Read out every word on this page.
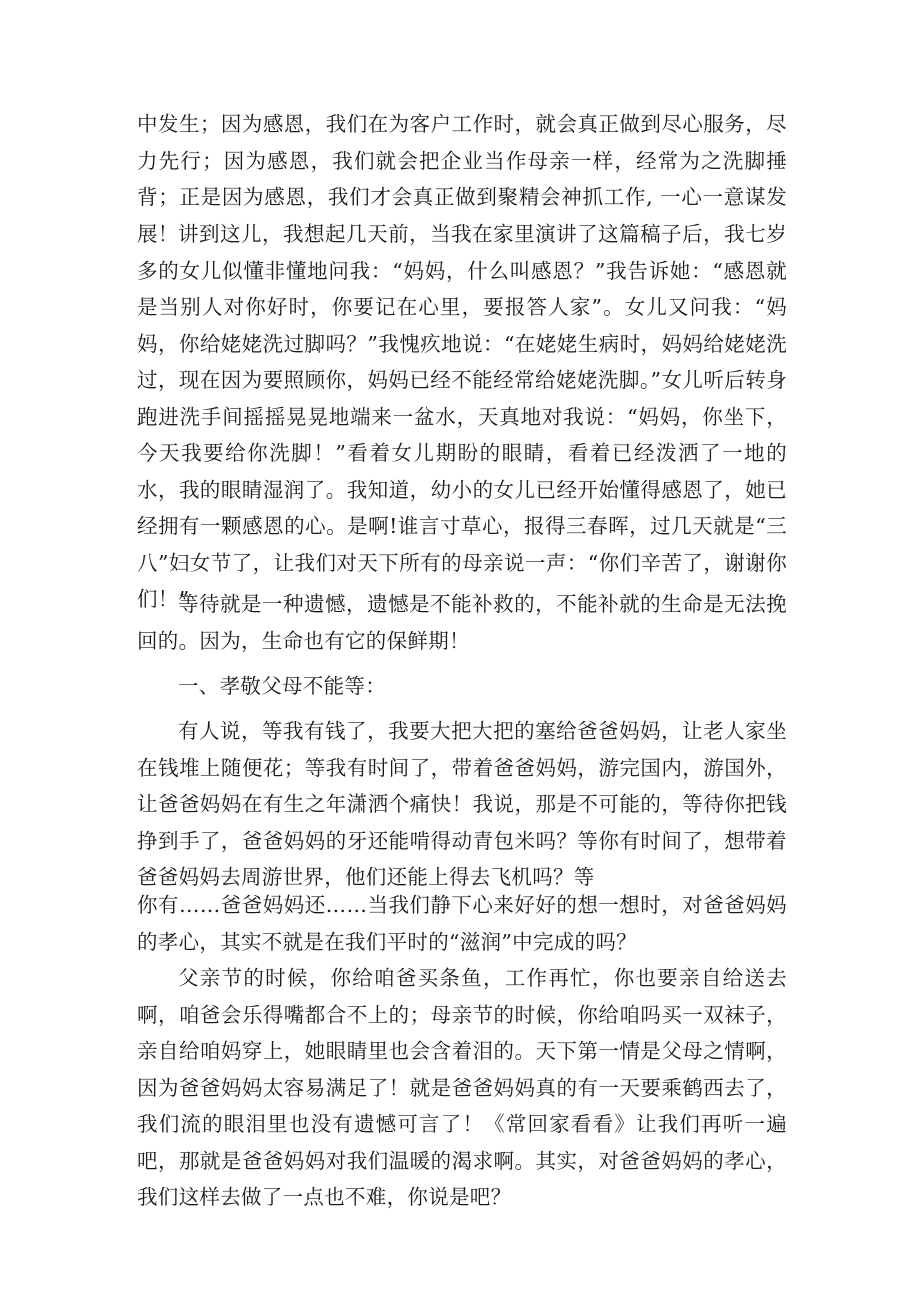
中发生；因为感恩，我们在为客户工作时，就会真正做到尽心服务，尽力先行；因为感恩，我们就会把企业当作母亲一样，经常为之洗脚捶背；正是因为感恩，我们才会真正做到聚精会神抓工作, 一心一意谋发展！ 讲到这儿，我想起几天前，当我在家里演讲了这篇稿子后，我七岁多的女儿似懂非懂地问我：“妈妈，什么叫感恩？”我告诉她：“感恩就是当别人对你好时，你要记在心里，要报答人家”。女儿又问我：“妈妈，你给姥姥洗过脚吗？”我愧疚地说：“在姥姥生病时，妈妈给姥姥洗过，现在因为要照顾你，妈妈已经不能经常给姥姥洗脚。”女儿听后转身跑进洗手间摇摇晃晃地端来一盆水，天真地对我说：“妈妈，你坐下，今天我要给你洗脚！”看着女儿期盼的眼睛，看着已经泼洒了一地的水，我的眼睛湿润了。我知道，幼小的女儿已经开始懂得感恩了，她已经拥有一颗感恩的心。是啊!谁言寸草心，报得三春晖，过几天就是“三八”妇女节了，让我们对天下所有的母亲说一声：“你们辛苦了，谢谢你们！”

等待就是一种遗憾，遗憾是不能补救的，不能补就的生命是无法挽回的。因为，生命也有它的保鲜期！

一、孝敬父母不能等：

有人说，等我有钱了，我要大把大把的塞给爸爸妈妈，让老人家坐在钱堆上随便花；等我有时间了，带着爸爸妈妈，游完国内，游国外，让爸爸妈妈在有生之年潇洒个痛快！我说，那是不可能的，等待你把钱挣到手了，爸爸妈妈的牙还能啃得动青包米吗？等你有时间了，想带着爸爸妈妈去周游世界，他们还能上得去飞机吗？等

你有……爸爸妈妈还……当我们静下心来好好的想一想时，对爸爸妈妈的孝心，其实不就是在我们平时的“滋润”中完成的吗？

父亲节的时候，你给咱爸买条鱼，工作再忙，你也要亲自给送去啊，咱爸会乐得嘴都合不上的；母亲节的时候，你给咱吗买一双袜子，亲自给咱妈穿上，她眼睛里也会含着泪的。天下第一情是父母之情啊，因为爸爸妈妈太容易满足了！就是爸爸妈妈真的有一天要乘鹤西去了，我们流的眼泪里也没有遗憾可言了！《常回家看看》让我们再听一遍吧，那就是爸爸妈妈对我们温暖的渴求啊。其实，对爸爸妈妈的孝心，我们这样去做了一点也不难，你说是吧？
